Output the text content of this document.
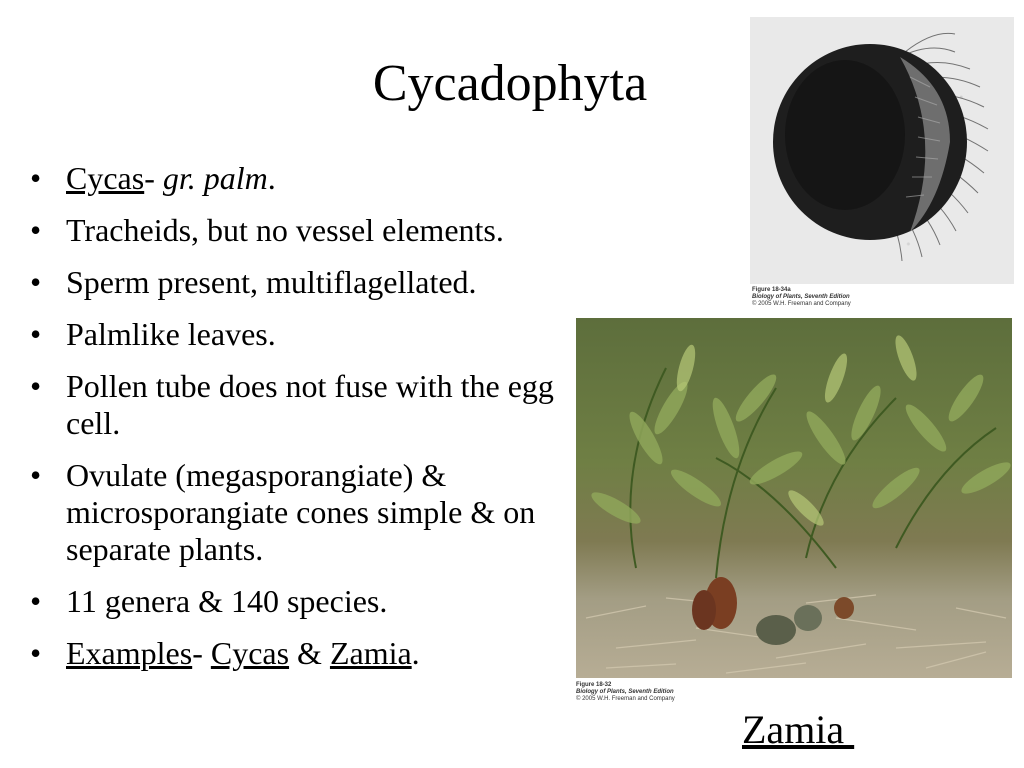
Cycadophyta
• Cycas- gr. palm.
• Tracheids, but no vessel elements.
• Sperm present, multiflagellated.
• Palmlike leaves.
• Pollen tube does not fuse with the egg cell.
• Ovulate (megasporangiate) & microsporangiate cones simple & on separate plants.
• 11 genera & 140 species.
• Examples- Cycas & Zamia.
Figure 18-34a
Biology of Plants, Seventh Edition
© 2005 W.H. Freeman and Company
Figure 18-32
Biology of Plants, Seventh Edition
© 2005 W.H. Freeman and Company
Zamia
